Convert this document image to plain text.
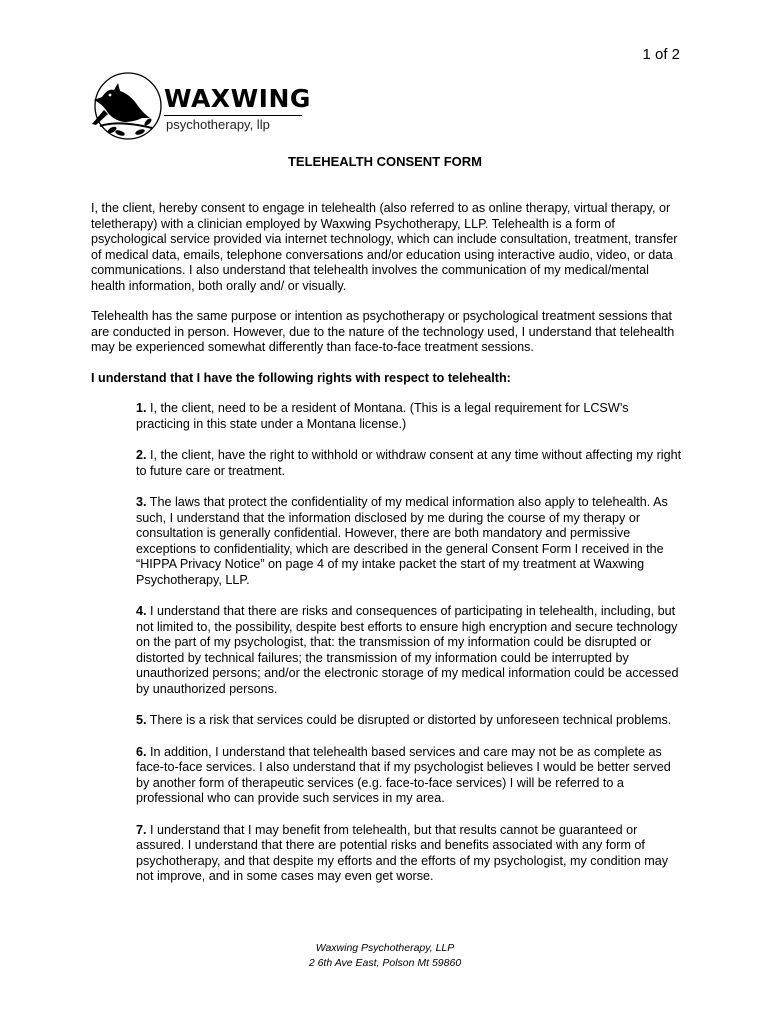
1 of 2
WAXWING
psychotherapy, llp
TELEHEALTH CONSENT FORM

I, the client, hereby consent to engage in telehealth (also referred to as online therapy, virtual therapy, or teletherapy) with a clinician employed by Waxwing Psychotherapy, LLP. Telehealth is a form of psychological service provided via internet technology, which can include consultation, treatment, transfer of medical data, emails, telephone conversations and/or education using interactive audio, video, or data communications. I also understand that telehealth involves the communication of my medical/mental health information, both orally and/ or visually.

Telehealth has the same purpose or intention as psychotherapy or psychological treatment sessions that are conducted in person. However, due to the nature of the technology used, I understand that telehealth may be experienced somewhat differently than face-to-face treatment sessions.

I understand that I have the following rights with respect to telehealth:
1. I, the client, need to be a resident of Montana. (This is a legal requirement for LCSW’s practicing in this state under a Montana license.)
2. I, the client, have the right to withhold or withdraw consent at any time without affecting my right to future care or treatment.
3. The laws that protect the confidentiality of my medical information also apply to telehealth. As such, I understand that the information disclosed by me during the course of my therapy or consultation is generally confidential. However, there are both mandatory and permissive exceptions to confidentiality, which are described in the general Consent Form I received in the “HIPPA Privacy Notice” on page 4 of my intake packet the start of my treatment at Waxwing Psychotherapy, LLP.
4. I understand that there are risks and consequences of participating in telehealth, including, but not limited to, the possibility, despite best efforts to ensure high encryption and secure technology on the part of my psychologist, that: the transmission of my information could be disrupted or distorted by technical failures; the transmission of my information could be interrupted by unauthorized persons; and/or the electronic storage of my medical information could be accessed by unauthorized persons.
5. There is a risk that services could be disrupted or distorted by unforeseen technical problems.
6. In addition, I understand that telehealth based services and care may not be as complete as face-to-face services. I also understand that if my psychologist believes I would be better served by another form of therapeutic services (e.g. face-to-face services) I will be referred to a professional who can provide such services in my area.
7. I understand that I may benefit from telehealth, but that results cannot be guaranteed or assured. I understand that there are potential risks and benefits associated with any form of psychotherapy, and that despite my efforts and the efforts of my psychologist, my condition may not improve, and in some cases may even get worse.
Waxwing Psychotherapy, LLP
2 6th Ave East, Polson Mt 59860
